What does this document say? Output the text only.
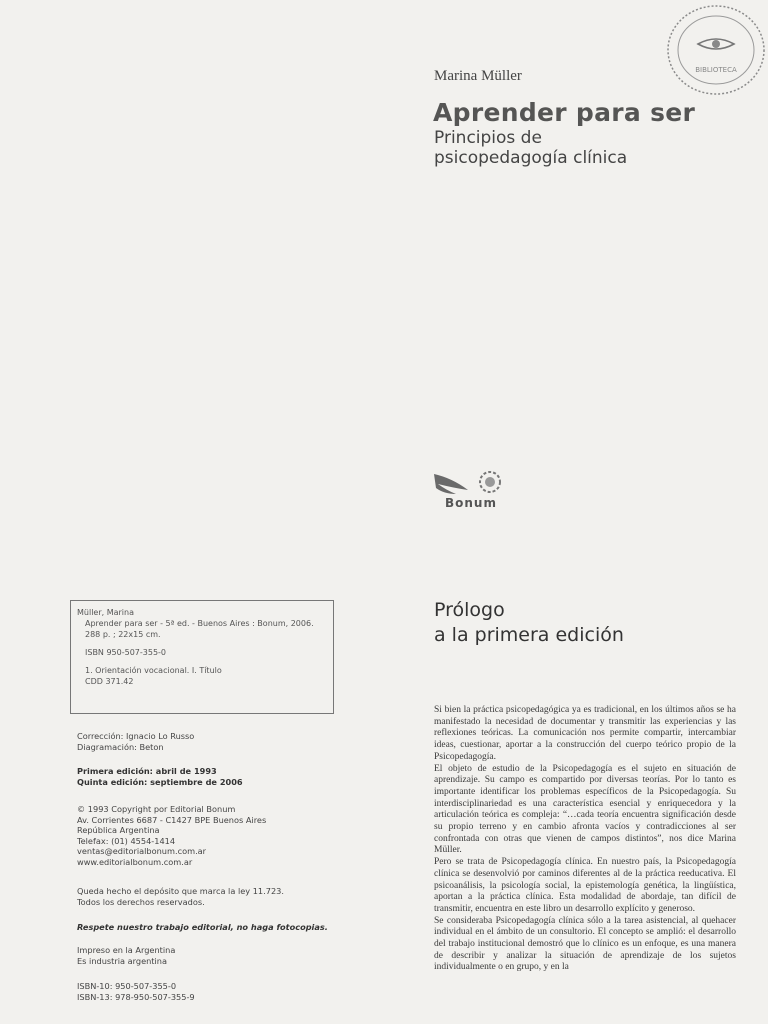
BIBLIOTECA
Marina Müller
Aprender para ser
Principios de
psicopedagogía clínica
Bonum
Müller, Marina
Aprender para ser - 5ª ed. - Buenos Aires : Bonum, 2006.
288 p. ; 22x15 cm.
ISBN 950-507-355-0
1. Orientación vocacional. I. Título
CDD 371.42
Corrección: Ignacio Lo Russo
Diagramación: Beton
Primera edición: abril de 1993
Quinta edición: septiembre de 2006
© 1993 Copyright por Editorial Bonum
Av. Corrientes 6687 - C1427 BPE Buenos Aires
República Argentina
Telefax: (01) 4554-1414
ventas@editorialbonum.com.ar
www.editorialbonum.com.ar
Queda hecho el depósito que marca la ley 11.723.
Todos los derechos reservados.
Respete nuestro trabajo editorial, no haga fotocopias.
Impreso en la Argentina
Es industria argentina
ISBN-10: 950-507-355-0
ISBN-13: 978-950-507-355-9
Prólogo
a la primera edición

Si bien la práctica psicopedagógica ya es tradicional, en los últimos años se ha manifestado la necesidad de documentar y transmitir las experiencias y las reflexiones teóricas. La comunicación nos permite compartir, intercambiar ideas, cuestionar, aportar a la construcción del cuerpo teórico propio de la Psicopedagogía.

El objeto de estudio de la Psicopedagogía es el sujeto en situación de aprendizaje. Su campo es compartido por diversas teorías. Por lo tanto es importante identificar los problemas específicos de la Psicopedagogía. Su interdisciplinariedad es una característica esencial y enriquecedora y la articulación teórica es compleja: “…cada teoría encuentra significación desde su propio terreno y en cambio afronta vacíos y contradicciones al ser confrontada con otras que vienen de campos distintos”, nos dice Marina Müller.

Pero se trata de Psicopedagogía clínica. En nuestro país, la Psicopedagogía clínica se desenvolvió por caminos diferentes al de la práctica reeducativa. El psicoanálisis, la psicología social, la epistemología genética, la lingüística, aportan a la práctica clínica. Esta modalidad de abordaje, tan difícil de transmitir, encuentra en este libro un desarrollo explícito y generoso.

Se consideraba Psicopedagogía clínica sólo a la tarea asistencial, al quehacer individual en el ámbito de un consultorio. El concepto se amplió: el desarrollo del trabajo institucional demostró que lo clínico es un enfoque, es una manera de describir y analizar la situación de aprendizaje de los sujetos individualmente o en grupo, y en la
